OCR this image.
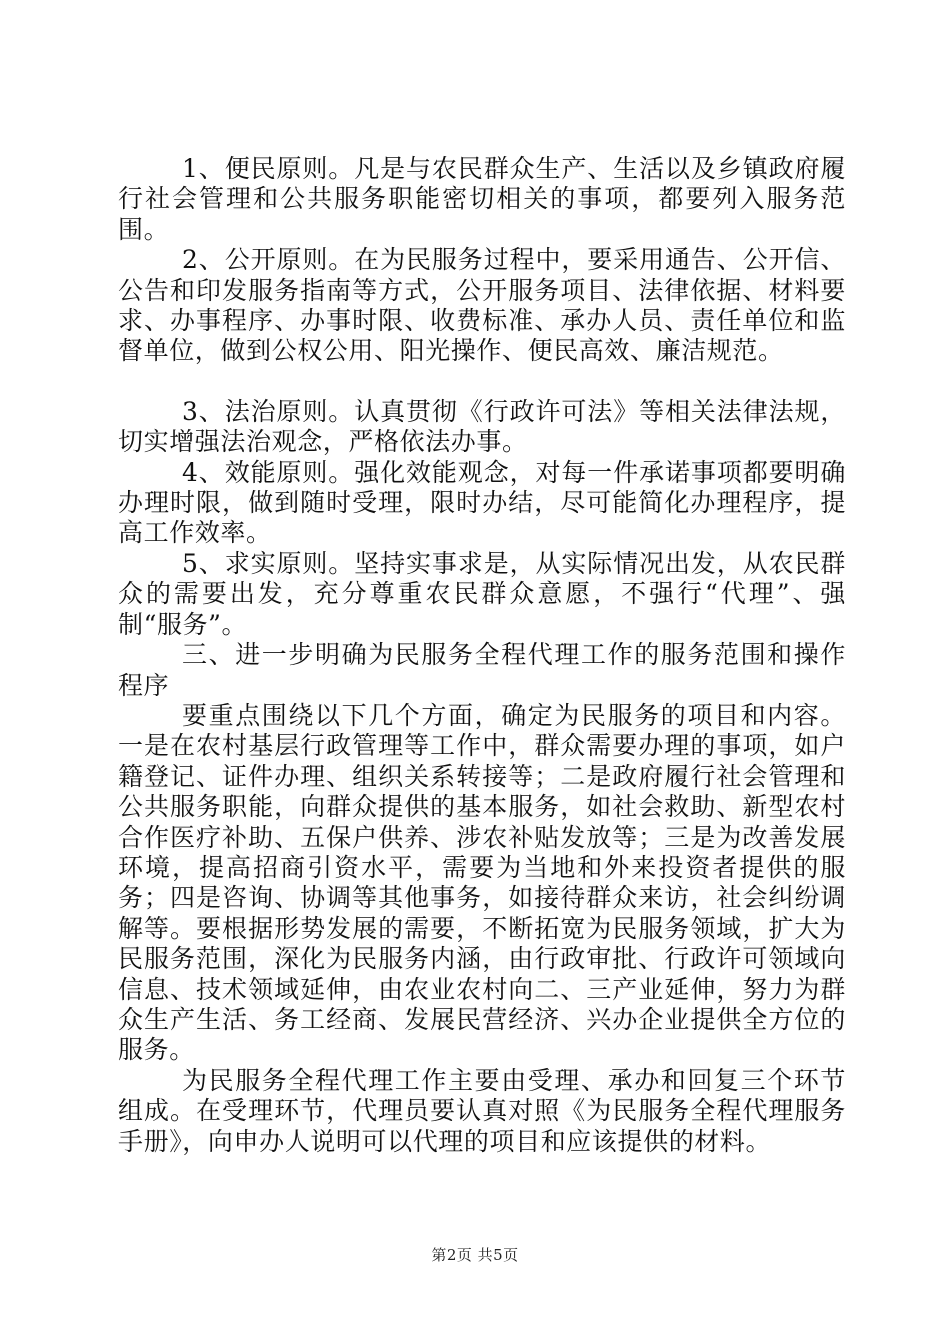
1、便民原则。凡是与农民群众生产、生活以及乡镇政府履行社会管理和公共服务职能密切相关的事项，都要列入服务范围。

2、公开原则。在为民服务过程中，要采用通告、公开信、公告和印发服务指南等方式，公开服务项目、法律依据、材料要求、办事程序、办事时限、收费标准、承办人员、责任单位和监督单位，做到公权公用、阳光操作、便民高效、廉洁规范。

3、法治原则。认真贯彻《行政许可法》等相关法律法规，切实增强法治观念，严格依法办事。

4、效能原则。强化效能观念，对每一件承诺事项都要明确办理时限，做到随时受理，限时办结，尽可能简化办理程序，提高工作效率。

5、求实原则。坚持实事求是，从实际情况出发，从农民群众的需要出发，充分尊重农民群众意愿，不强行“代理”、强制“服务”。

三、进一步明确为民服务全程代理工作的服务范围和操作程序

要重点围绕以下几个方面，确定为民服务的项目和内容。一是在农村基层行政管理等工作中，群众需要办理的事项，如户籍登记、证件办理、组织关系转接等；二是政府履行社会管理和公共服务职能，向群众提供的基本服务，如社会救助、新型农村合作医疗补助、五保户供养、涉农补贴发放等；三是为改善发展环境，提高招商引资水平，需要为当地和外来投资者提供的服务；四是咨询、协调等其他事务，如接待群众来访，社会纠纷调解等。要根据形势发展的需要，不断拓宽为民服务领域，扩大为民服务范围，深化为民服务内涵，由行政审批、行政许可领域向信息、技术领域延伸，由农业农村向二、三产业延伸，努力为群众生产生活、务工经商、发展民营经济、兴办企业提供全方位的服务。

为民服务全程代理工作主要由受理、承办和回复三个环节组成。在受理环节，代理员要认真对照《为民服务全程代理服务手册》，向申办人说明可以代理的项目和应该提供的材料。

第2页 共5页
